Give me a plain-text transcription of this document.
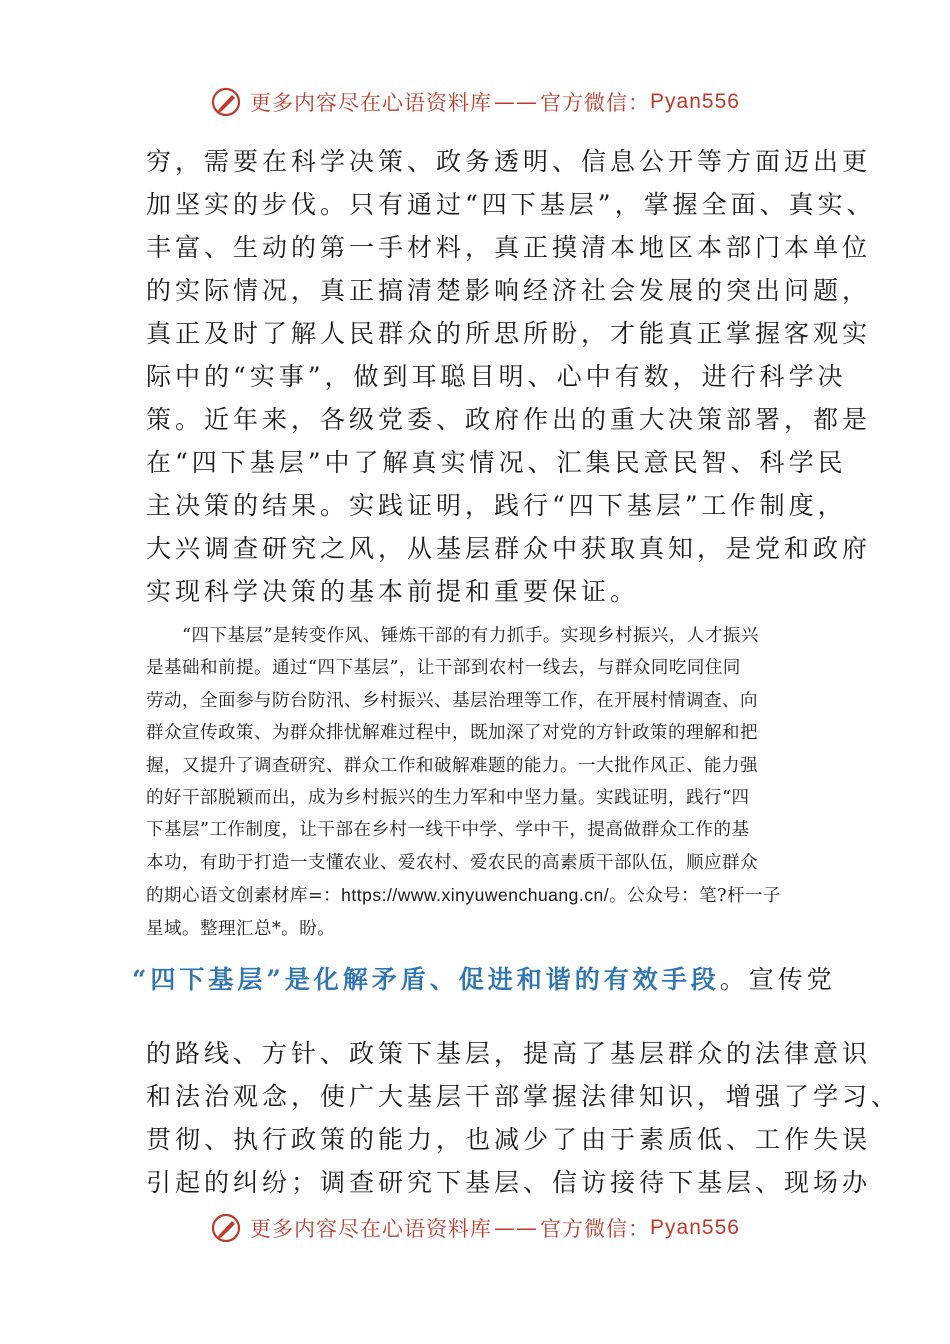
更多内容尽在心语资料库 —— 官方微信： Pyan556
穷，需要在科学决策、政务透明、信息公开等方面迈出更
加坚实的步伐。只有通过“四下基层”，掌握全面、真实、
丰富、生动的第一手材料，真正摸清本地区本部门本单位
的实际情况，真正搞清楚影响经济社会发展的突出问题，
真正及时了解人民群众的所思所盼，才能真正掌握客观实
际中的“实事”，做到耳聪目明、心中有数，进行科学决
策。近年来，各级党委、政府作出的重大决策部署，都是
在“四下基层”中了解真实情况、汇集民意民智、科学民
主决策的结果。实践证明，践行“四下基层”工作制度，
大兴调查研究之风，从基层群众中获取真知，是党和政府
实现科学决策的基本前提和重要保证。
　　“四下基层”是转变作风、锤炼干部的有力抓手。实现乡村振兴，人才振兴
是基础和前提。通过“四下基层”，让干部到农村一线去，与群众同吃同住同
劳动，全面参与防台防汛、乡村振兴、基层治理等工作，在开展村情调查、向
群众宣传政策、为群众排忧解难过程中，既加深了对党的方针政策的理解和把
握，又提升了调查研究、群众工作和破解难题的能力。一大批作风正、能力强
的好干部脱颖而出，成为乡村振兴的生力军和中坚力量。实践证明，践行“四
下基层”工作制度，让干部在乡村一线干中学、学中干，提高做群众工作的基
本功，有助于打造一支懂农业、爱农村、爱农民的高素质干部队伍，顺应群众
的期心语文创素材库=：https://www.xinyuwenchuang.cn/。公众号：笔?杆一子
星域。整理汇总*。盼。
“四下基层”是化解矛盾、促进和谐的有效手段。宣传党
的路线、方针、政策下基层，提高了基层群众的法律意识
和法治观念，使广大基层干部掌握法律知识，增强了学习、
贯彻、执行政策的能力，也减少了由于素质低、工作失误
引起的纠纷；调查研究下基层、信访接待下基层、现场办
更多内容尽在心语资料库 —— 官方微信： Pyan556
